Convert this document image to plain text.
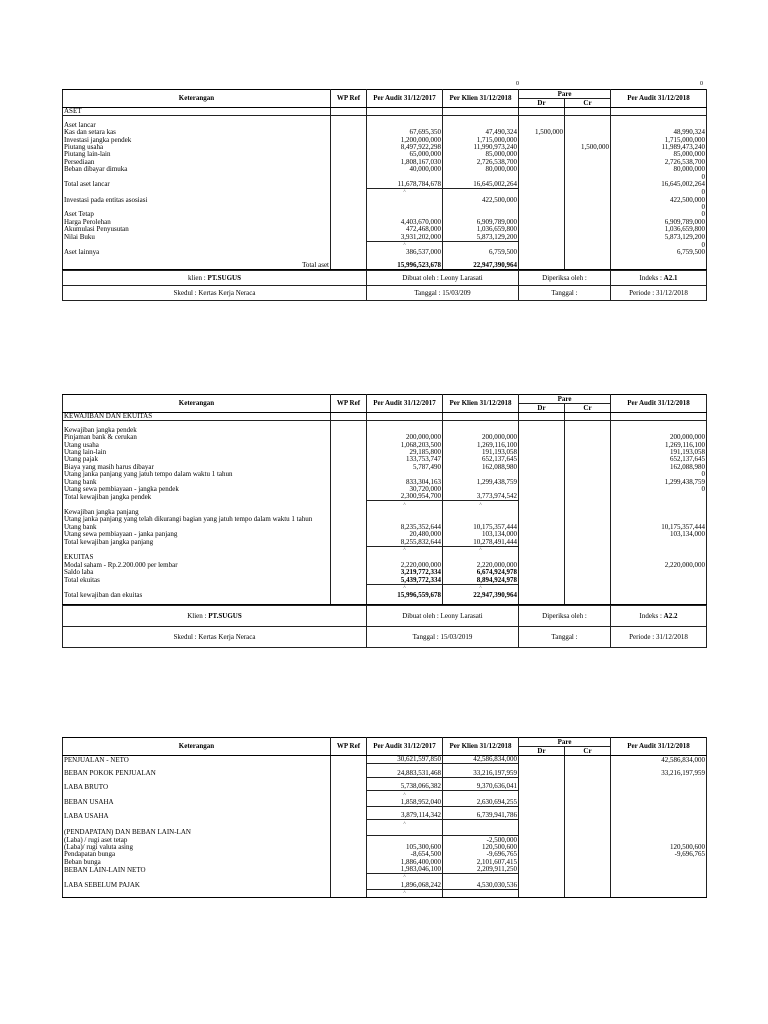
0	0
Keterangan	WP Ref	Per Audit 31/12/2017	Per Klien 31/12/2018	Pare		Per Audit 31/12/2018
				Dr	Cr	
ASET						

Aset lancar						
Kas dan setara kas		67,695,350	47,490,324	1,500,000		48,990,324
Investasi jangka pendek		1,200,000,000	1,715,000,000			1,715,000,000
Piutang usaha		8,497,922,298	11,990,973,240		1,500,000	11,989,473,240
Piutang lain-lain		65,000,000	85,000,000			85,000,000
Persediaan		1,808,167,030	2,726,538,700			2,726,538,700
Beban dibayar dimuka		40,000,000	80,000,000			80,000,000
						0
Total aset lancar		11,678,784,678	16,645,002,264			16,645,002,264
		^				0
Investasi pada entitas asosiasi			422,500,000			422,500,000
						0
Aset Tetap						0
Harga Perolehan		4,403,670,000	6,909,789,000			6,909,789,000
Akumulasi Penyusutan		472,468,000	1,036,659,800			1,036,659,800
Nilai Buku		3,931,202,000	5,873,129,200			5,873,129,200
		^				0
Aset lainnya		386,537,000	6,759,500			6,759,500

Total aset		15,996,523,678	22,947,390,964			
klien : PT.SUGUS	Dibuat oleh : Leony Larasati	Diperiksa oleh :	Indeks : A2.1
Skedul : Kertas Kerja Neraca	Tanggal : 15/03/209	Tanggal :	Periode : 31/12/2018
Keterangan	WP Ref	Per Audit 31/12/2017	Per Klien 31/12/2018	Pare		Per Audit 31/12/2018
				Dr	Cr	
KEWAJIBAN DAN EKUITAS						

Kewajiban jangka pendek						
Pinjaman bank & cerukan		200,000,000	200,000,000			200,000,000
Utang usaha		1,068,203,500	1,269,116,100			1,269,116,100
Utang lain-lain		29,185,800	191,193,058			191,193,058
Utang pajak		133,753,747	652,137,645			652,137,645
Biaya yang masih harus dibayar		5,787,490	162,088,980			162,088,980
Utang janka panjang yang jatuh tempo dalam waktu 1 tahun						0
Utang bank		833,304,163	1,299,438,759			1,299,438,759
Utang sewa pembiayaan - jangka pendek		30,720,000				0
Total kewajiban jangka pendek		2,300,954,700	3,773,974,542			
		^	^			
Kewajiban jangka panjang						
Utang janka panjang yang telah dikurangi bagian yang jatuh tempo dalam waktu 1 tahun						
Utang bank		8,235,352,644	10,175,357,444			10,175,357,444
Utang sewa pembiayaan - janka panjang		20,480,000	103,134,000			103,134,000
Total kewajiban jangka panjang		8,255,832,644	10,278,491,444			
		^	^			
EKUITAS						
Modal saham - Rp.2.200.000 per lembar		2,220,000,000	2,220,000,000			2,220,000,000
Saldo laba		3,219,772,334	6,674,924,978			
Total ekuitas		5,439,772,334	8,894,924,978			
		^	^			
Total kewajiban dan ekuitas		15,996,559,678	22,947,390,964			

Klien : PT.SUGUS	Dibuat oleh : Leony Larasati	Diperiksa oleh :	Indeks : A2.2
Skedul : Kertas Kerja Neraca	Tanggal : 15/03/2019	Tanggal :	Periode : 31/12/2018
Keterangan	WP Ref	Per Audit 31/12/2017	Per Klien 31/12/2018	Pare		Per Audit 31/12/2018
				Dr	Cr	
PENJUALAN - NETO		30,621,597,850	42,586,834,000			42,586,834,000

BEBAN POKOK PENJUALAN		24,883,531,468	33,216,197,959			33,216,197,959

LABA BRUTO		5,738,066,382	9,370,636,041			
		^				
BEBAN USAHA		1,858,952,040	2,630,694,255			

LABA USAHA		3,879,114,342	6,739,941,786			
		^				
(PENDAPATAN) DAN BEBAN LAIN-LAN						
(Laba) / rugi aset tetap			-2,500,000			
(Laba)/ rugi valuta asing		105,300,600	120,500,600			120,500,600
Pendapatan bunga		-8,654,500	-9,696,765			-9,696,765
Beban bunga		1,886,400,000	2,101,607,415			
BEBAN LAIN-LAIN NETO		1,983,046,100	2,209,911,250			
		^				
LABA SEBELUM PAJAK		1,896,068,242	4,530,030,536			
		^				
